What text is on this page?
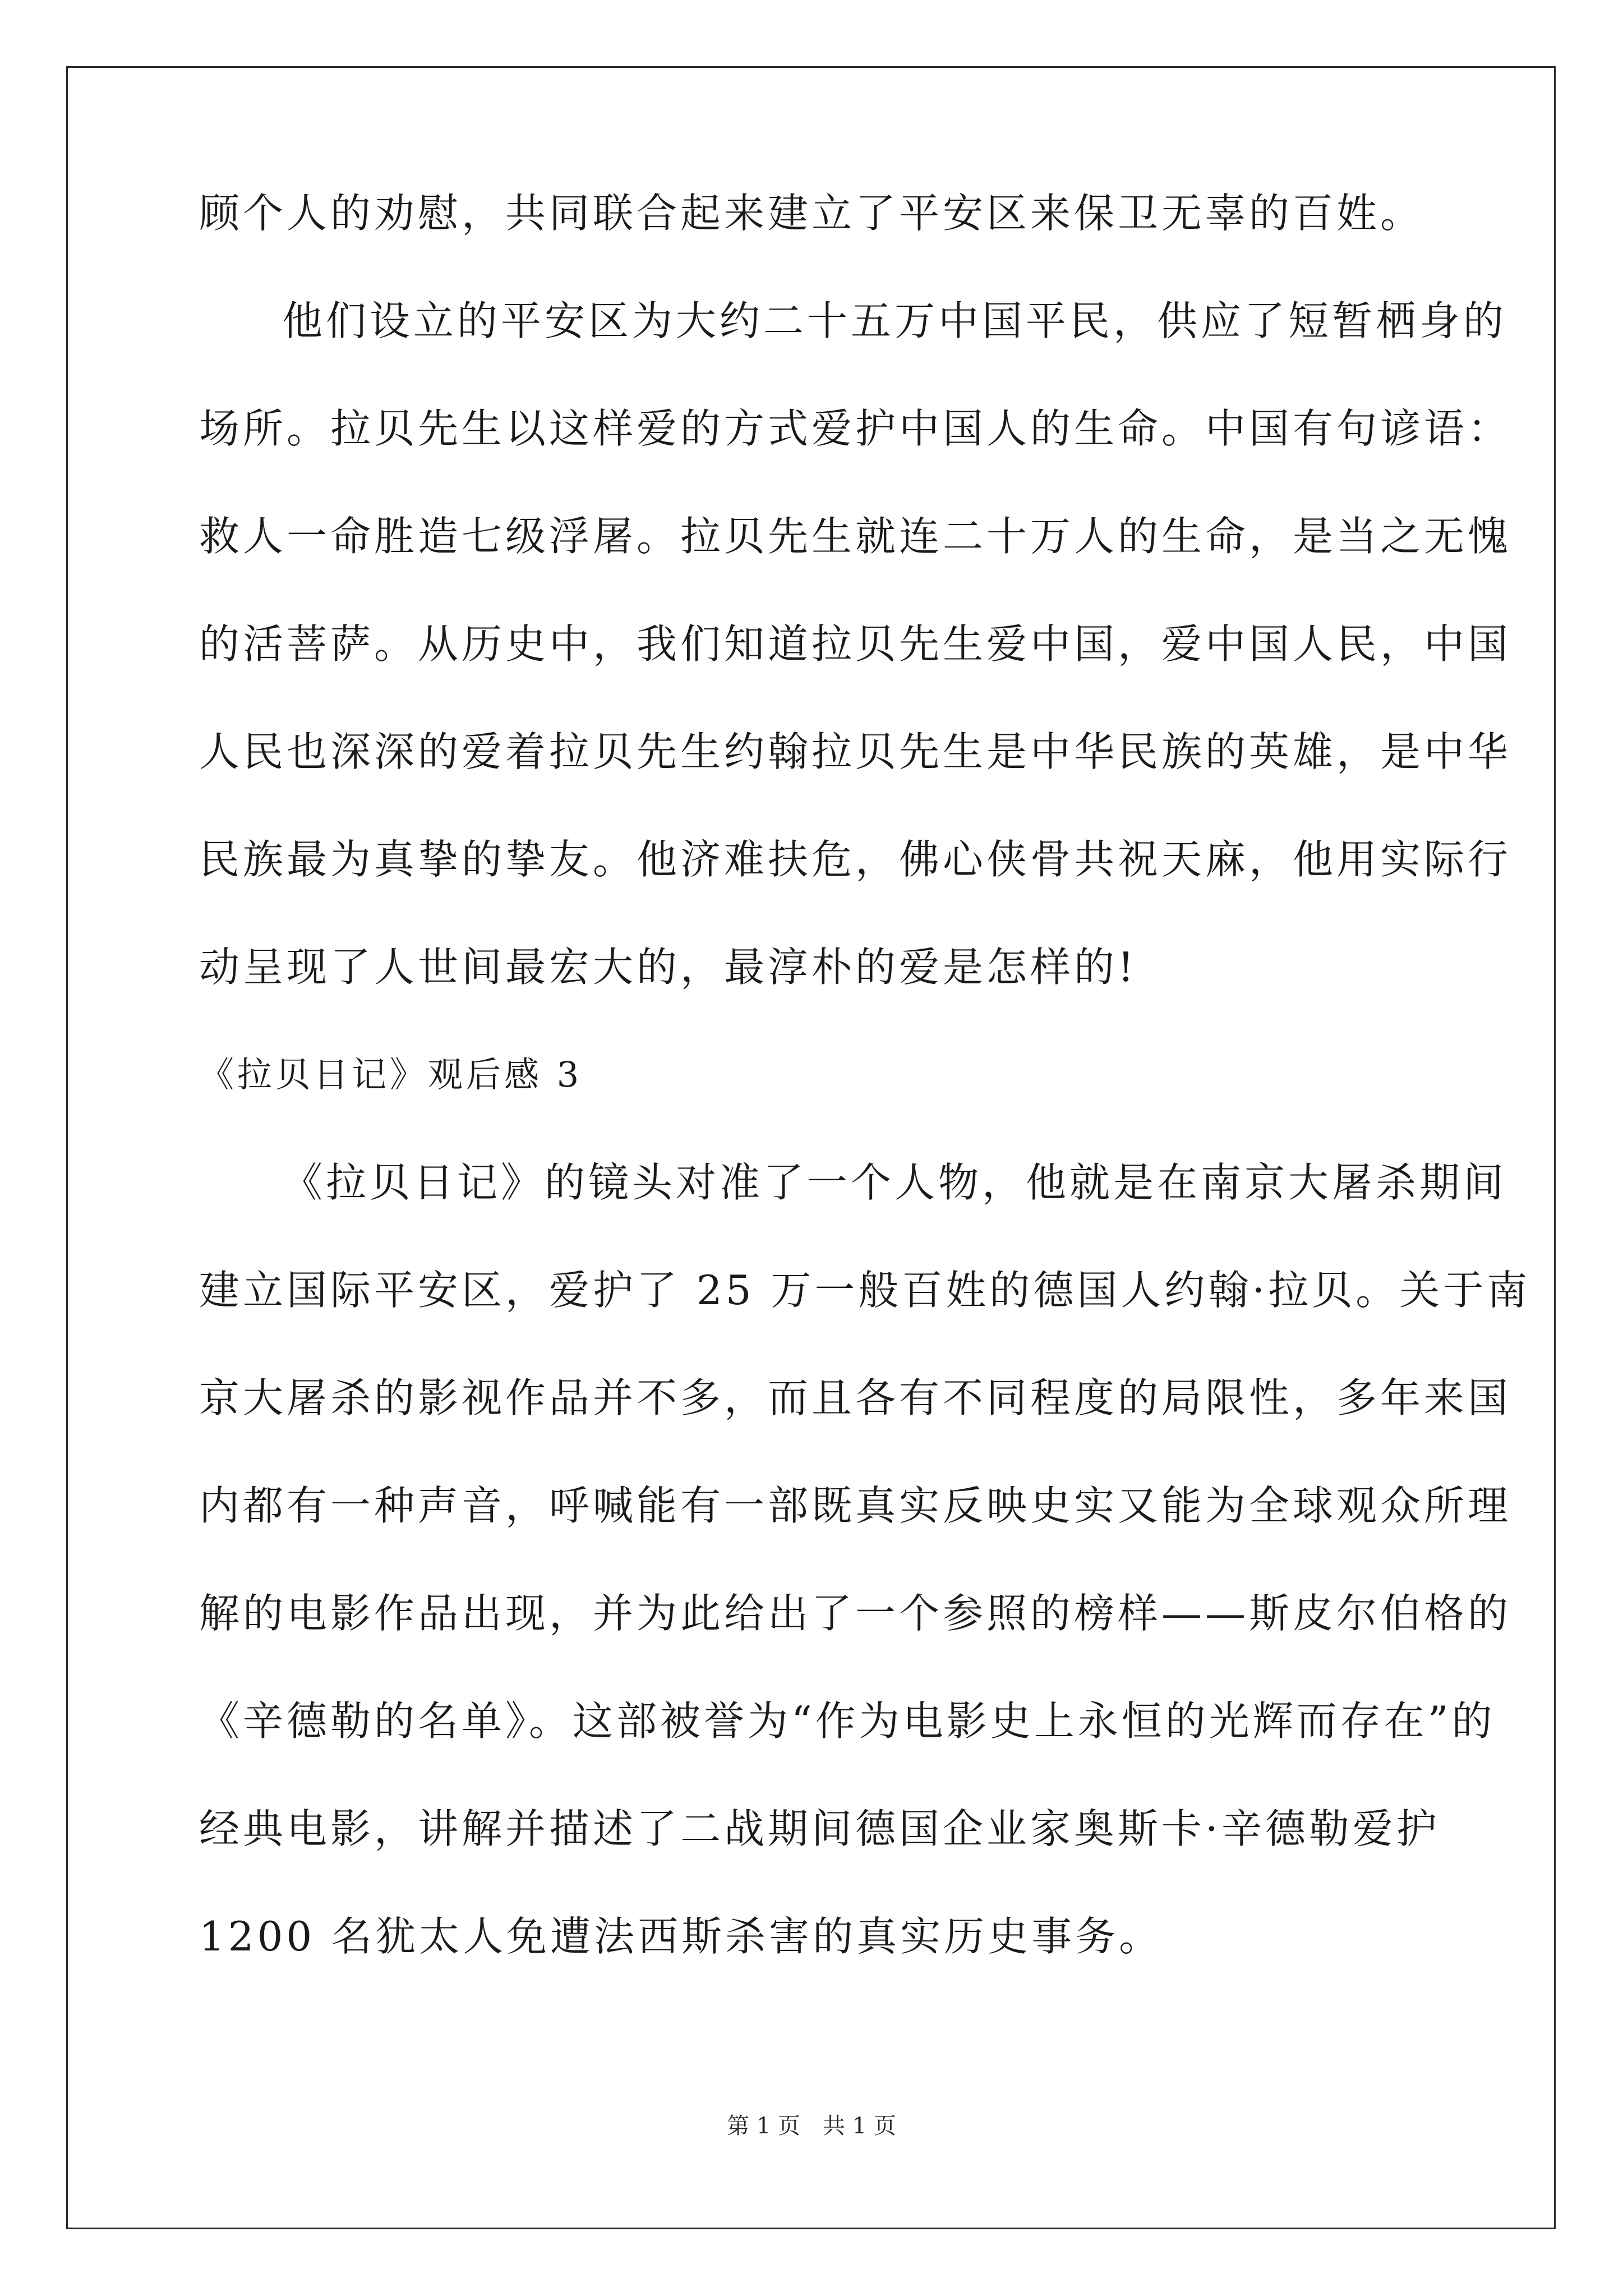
顾个人的劝慰，共同联合起来建立了平安区来保卫无辜的百姓。

他们设立的平安区为大约二十五万中国平民，供应了短暂栖身的

场所。拉贝先生以这样爱的方式爱护中国人的生命。中国有句谚语：

救人一命胜造七级浮屠。拉贝先生就连二十万人的生命，是当之无愧

的活菩萨。从历史中，我们知道拉贝先生爱中国，爱中国人民，中国

人民也深深的爱着拉贝先生约翰拉贝先生是中华民族的英雄，是中华

民族最为真挚的挚友。他济难扶危，佛心侠骨共祝天麻，他用实际行

动呈现了人世间最宏大的，最淳朴的爱是怎样的!

《拉贝日记》观后感 3

《拉贝日记》的镜头对准了一个人物，他就是在南京大屠杀期间

建立国际平安区，爱护了 25 万一般百姓的德国人约翰·拉贝。关于南

京大屠杀的影视作品并不多，而且各有不同程度的局限性，多年来国

内都有一种声音，呼喊能有一部既真实反映史实又能为全球观众所理

解的电影作品出现，并为此给出了一个参照的榜样——斯皮尔伯格的

《辛德勒的名单》。这部被誉为“作为电影史上永恒的光辉而存在”的

经典电影，讲解并描述了二战期间德国企业家奥斯卡·辛德勒爱护

1200 名犹太人免遭法西斯杀害的真实历史事务。

第 1 页 共 1 页
